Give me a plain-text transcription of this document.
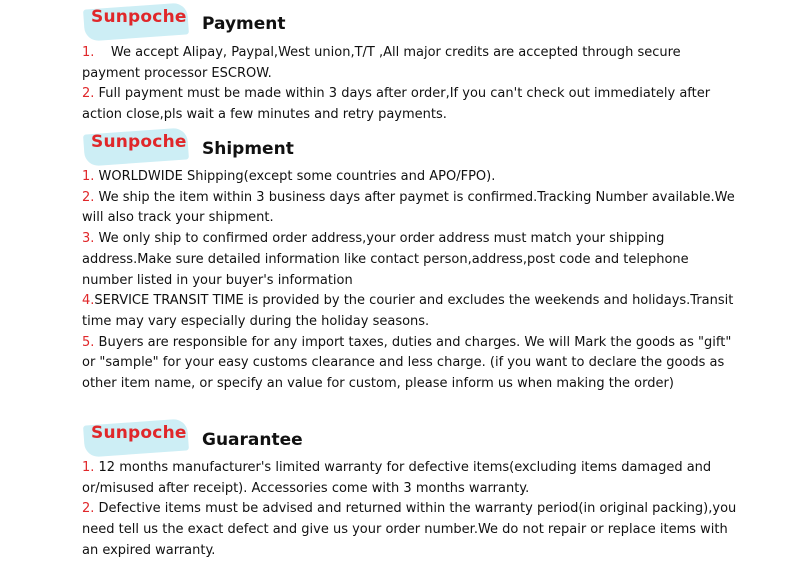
Sunpoche Payment

1.    We accept Alipay, Paypal,West union,T/T ,All major credits are accepted through secure payment processor ESCROW.

2. Full payment must be made within 3 days after order,If you can't check out immediately after action close,pls wait a few minutes and retry payments.

Sunpoche Shipment

1. WORLDWIDE Shipping(except some countries and APO/FPO).

2. We ship the item within 3 business days after paymet is confirmed.Tracking Number available.We will also track your shipment.

3. We only ship to confirmed order address,your order address must match your shipping address.Make sure detailed information like contact person,address,post code and telephone number listed in your buyer's information

4.SERVICE TRANSIT TIME is provided by the courier and excludes the weekends and holidays.Transit time may vary especially during the holiday seasons.

5. Buyers are responsible for any import taxes, duties and charges. We will Mark the goods as "gift" or "sample" for your easy customs clearance and less charge. (if you want to declare the goods as other item name, or specify an value for custom, please inform us when making the order)

Sunpoche Guarantee

1. 12 months manufacturer's limited warranty for defective items(excluding items damaged and or/misused after receipt). Accessories come with 3 months warranty.

2. Defective items must be advised and returned within the warranty period(in original packing),you need tell us the exact defect and give us your order number.We do not repair or replace items with an expired warranty.
